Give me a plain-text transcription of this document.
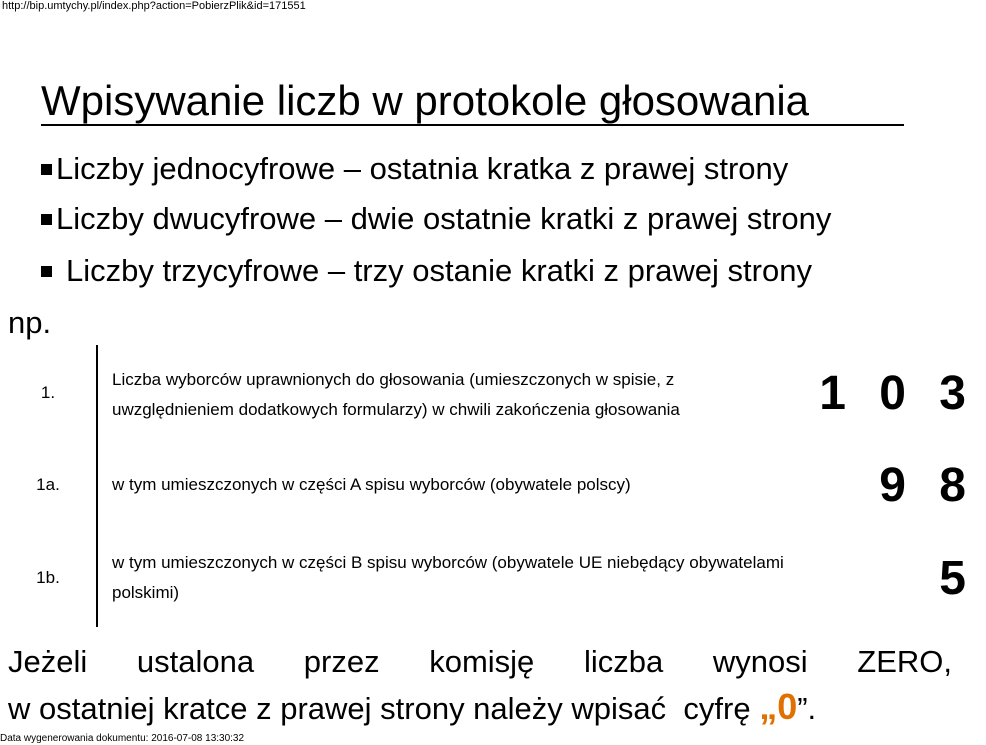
http://bip.umtychy.pl/index.php?action=PobierzPlik&id=171551
Wpisywanie liczb w protokole głosowania
Liczby jednocyfrowe – ostatnia kratka z prawej strony
Liczby dwucyfrowe – dwie ostatnie kratki z prawej strony
Liczby trzycyfrowe – trzy ostanie kratki z prawej strony
np.
1.	Liczba wyborców uprawnionych do głosowania (umieszczonych w spisie, z uwzględnieniem dodatkowych formularzy) w chwili zakończenia głosowania	1 0 3
1a.	w tym umieszczonych w części A spisu wyborców (obywatele polscy)	9 8
1b.	w tym umieszczonych w części B spisu wyborców (obywatele UE niebędący obywatelami polskimi)	5
Jeżeli ustalona przez komisję liczba wynosi ZERO,
w ostatniej kratce z prawej strony należy wpisać  cyfrę „0”.
Data wygenerowania dokumentu: 2016-07-08 13:30:32
